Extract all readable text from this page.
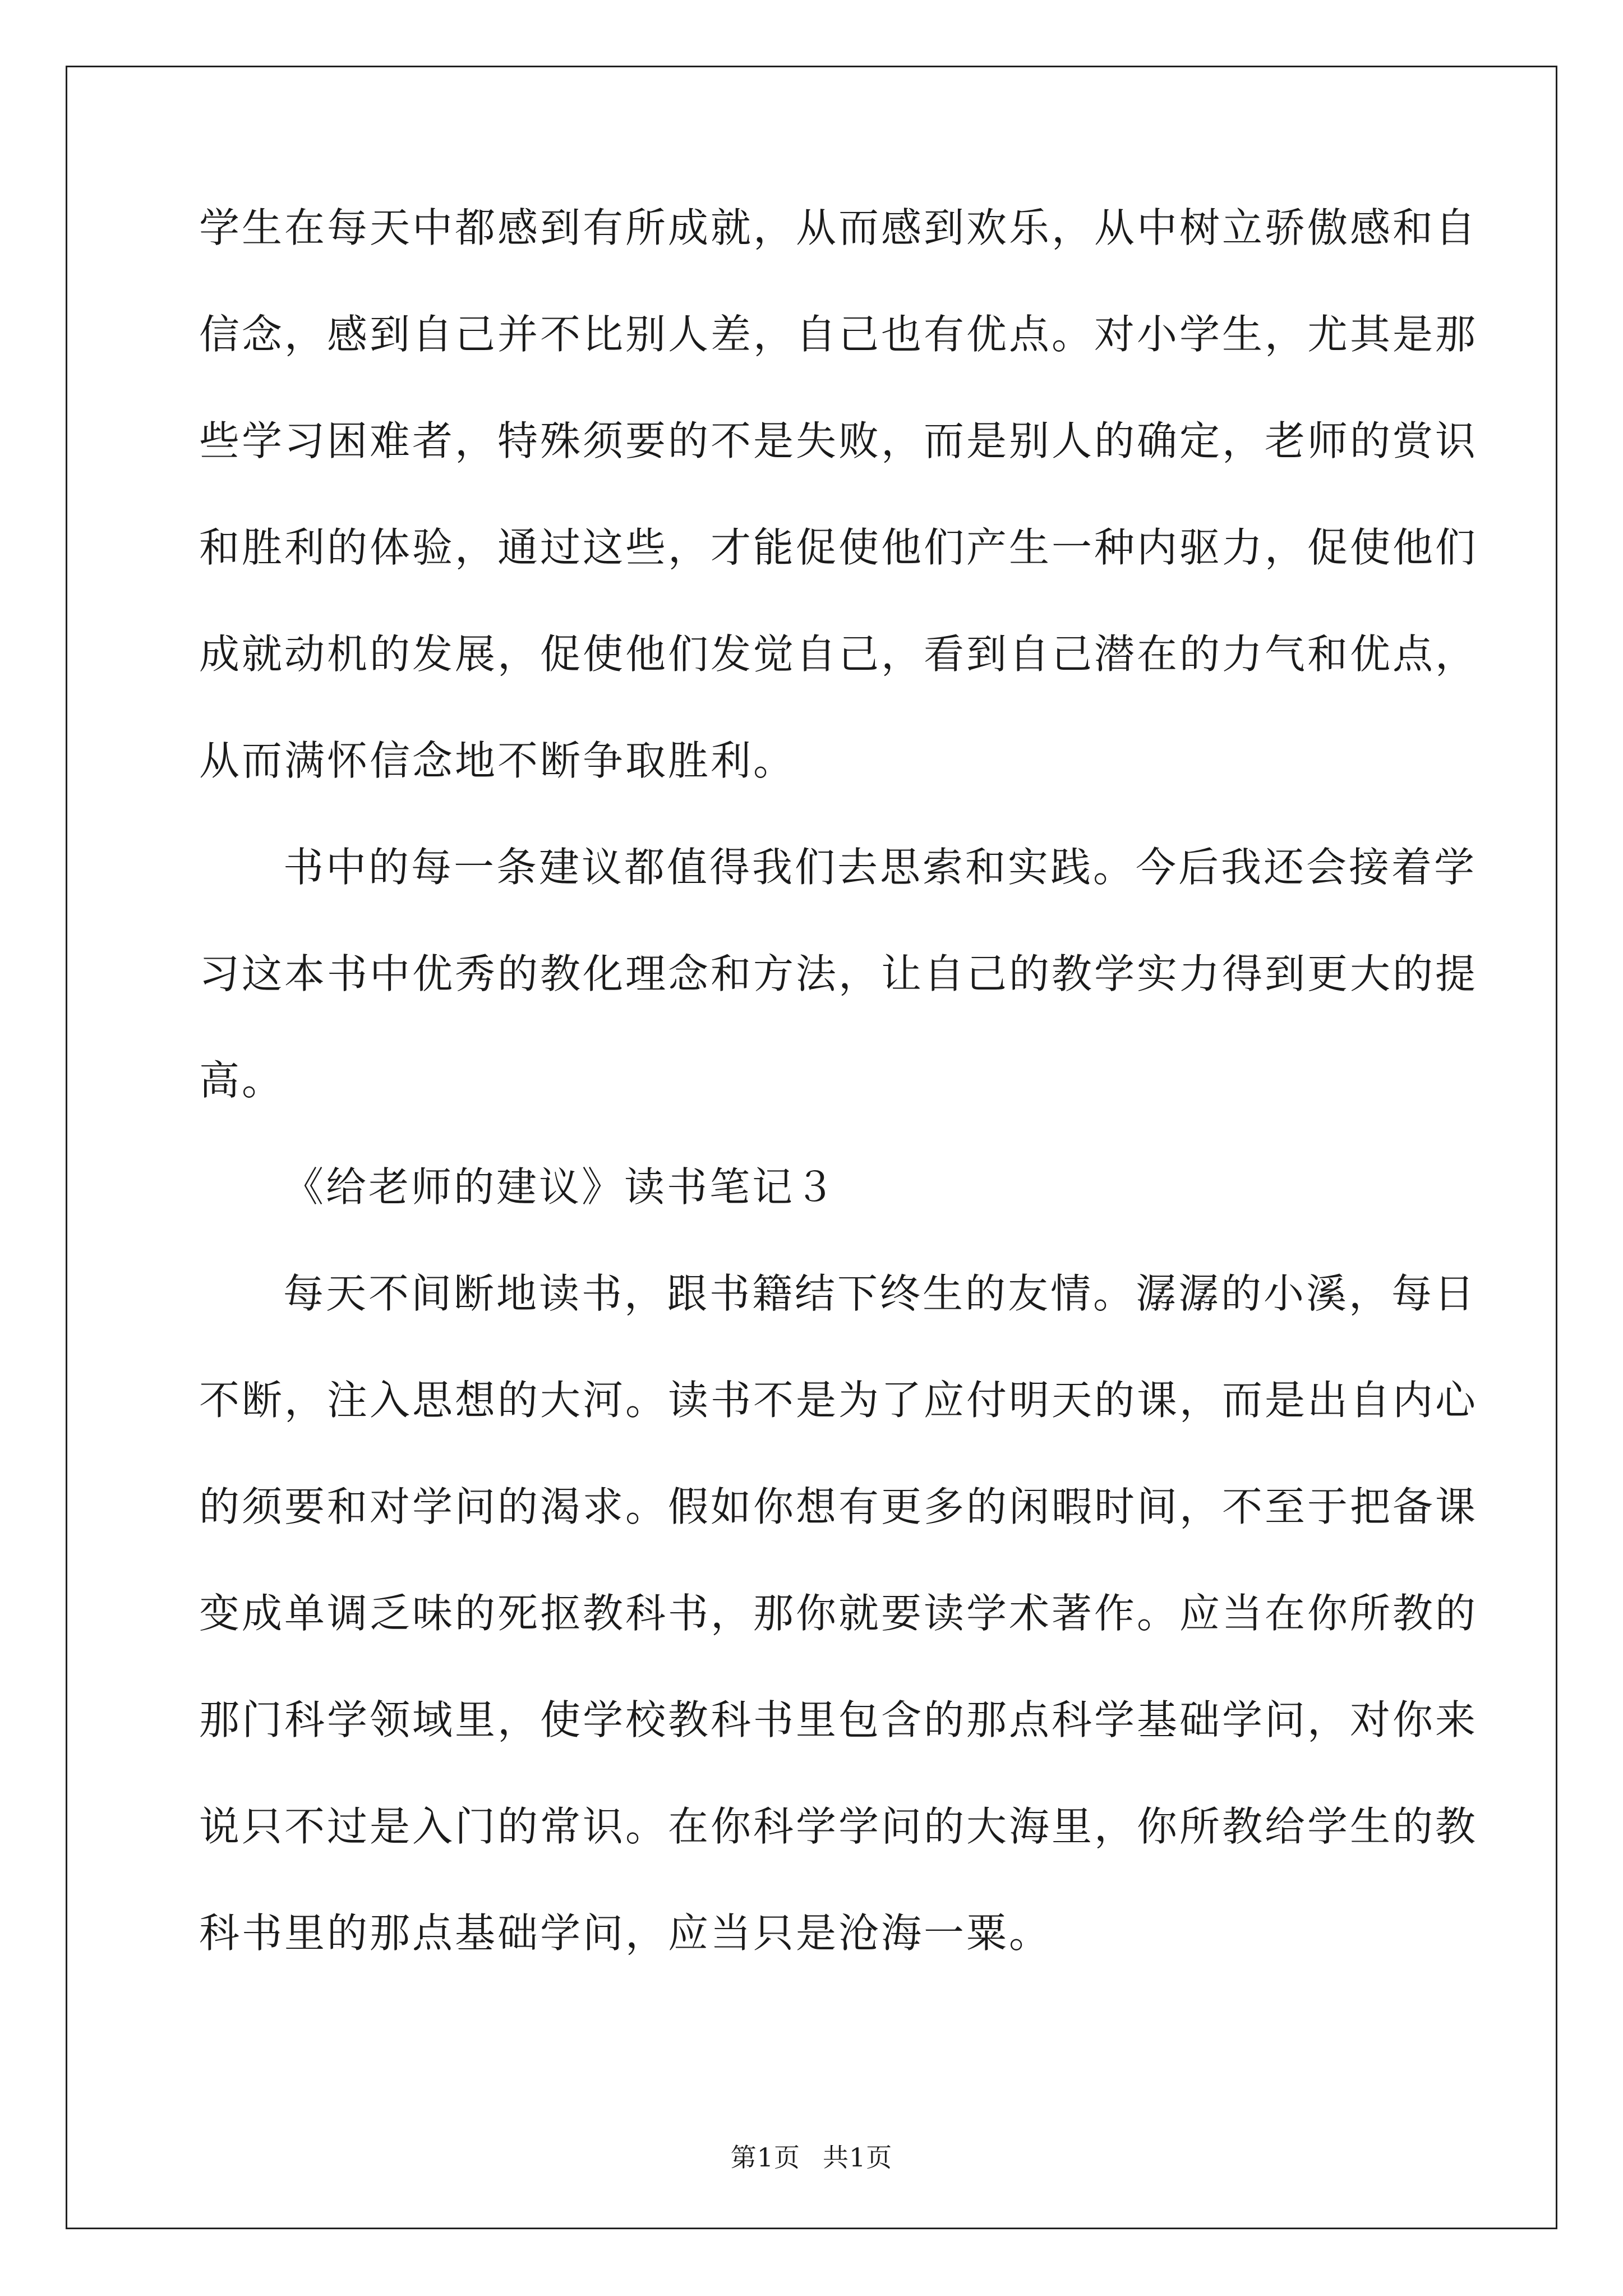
学生在每天中都感到有所成就，从而感到欢乐，从中树立骄傲感和自
信念，感到自己并不比别人差，自己也有优点。对小学生，尤其是那
些学习困难者，特殊须要的不是失败，而是别人的确定，老师的赏识
和胜利的体验，通过这些，才能促使他们产生一种内驱力，促使他们
成就动机的发展，促使他们发觉自己，看到自己潜在的力气和优点，
从而满怀信念地不断争取胜利。
书中的每一条建议都值得我们去思索和实践。今后我还会接着学
习这本书中优秀的教化理念和方法，让自己的教学实力得到更大的提
高。
《给老师的建议》读书笔记３
每天不间断地读书，跟书籍结下终生的友情。潺潺的小溪，每日
不断，注入思想的大河。读书不是为了应付明天的课，而是出自内心
的须要和对学问的渴求。假如你想有更多的闲暇时间，不至于把备课
变成单调乏味的死抠教科书，那你就要读学术著作。应当在你所教的
那门科学领域里，使学校教科书里包含的那点科学基础学问，对你来
说只不过是入门的常识。在你科学学问的大海里，你所教给学生的教
科书里的那点基础学问，应当只是沧海一粟。
第1页 共1页
